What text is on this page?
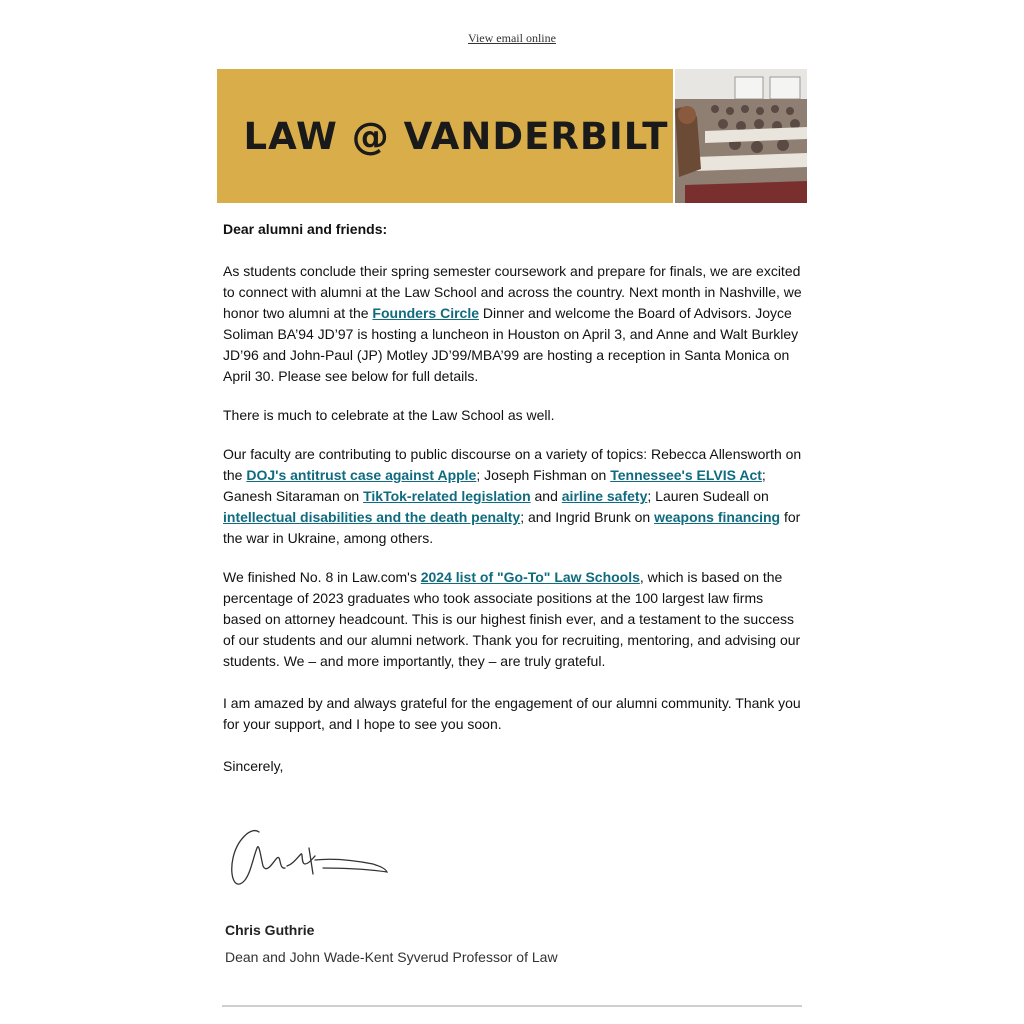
View email online
LAW @ VANDERBILT

Dear alumni and friends:

As students conclude their spring semester coursework and prepare for finals, we are excited to connect with alumni at the Law School and across the country. Next month in Nashville, we honor two alumni at the Founders Circle Dinner and welcome the Board of Advisors. Joyce Soliman BA’94 JD’97 is hosting a luncheon in Houston on April 3, and Anne and Walt Burkley JD’96 and John-Paul (JP) Motley JD’99/MBA’99 are hosting a reception in Santa Monica on April 30. Please see below for full details.

There is much to celebrate at the Law School as well.

Our faculty are contributing to public discourse on a variety of topics: Rebecca Allensworth on the DOJ's antitrust case against Apple; Joseph Fishman on Tennessee's ELVIS Act; Ganesh Sitaraman on TikTok-related legislation and airline safety; Lauren Sudeall on intellectual disabilities and the death penalty; and Ingrid Brunk on weapons financing for the war in Ukraine, among others.

We finished No. 8 in Law.com's 2024 list of "Go-To" Law Schools, which is based on the percentage of 2023 graduates who took associate positions at the 100 largest law firms based on attorney headcount. This is our highest finish ever, and a testament to the success of our students and our alumni network. Thank you for recruiting, mentoring, and advising our students. We – and more importantly, they – are truly grateful.

I am amazed by and always grateful for the engagement of our alumni community. Thank you for your support, and I hope to see you soon.

Sincerely,

Chris Guthrie
Dean and John Wade-Kent Syverud Professor of Law
